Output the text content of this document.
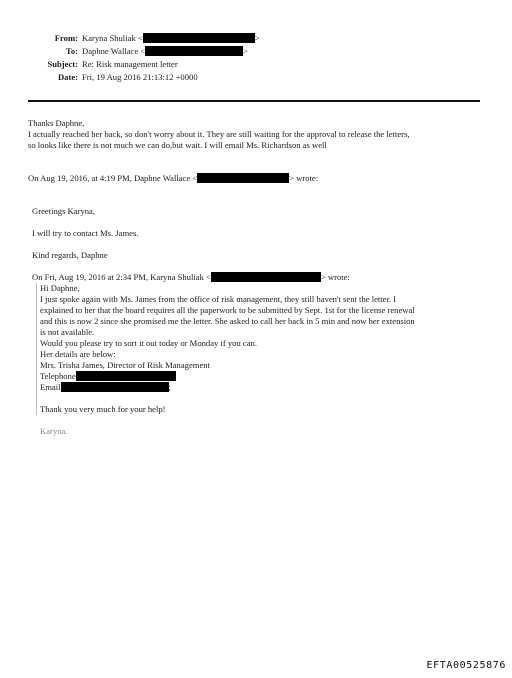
From: Karyna Shuliak <	>
To: Daphne Wallace <	>
Subject: Re: Risk management letter
Date: Fri, 19 Aug 2016 21:13:12 +0000
Thanks Daphne,
I actually reached her back, so don't worry about it. They are still waiting for the approval to release the letters,
so looks like there is not much we can do,but wait. I will email Ms. Richardson as well
On Aug 19, 2016, at 4:19 PM, Daphne Wallace <	> wrote:
Greetings Karyna,
I will try to contact Ms. James.
Kind regards, Daphne
On Fri, Aug 19, 2016 at 2:34 PM, Karyna Shuliak <	> wrote:
Hi Daphne,
I just spoke again with Ms. James from the office of risk management, they still haven't sent the letter. I
explained to her that the board requires all the paperwork to be submitted by Sept. 1st for the license renewal
and this is now 2 since she promised me the letter. She asked to call her back in 5 min and now her extension
is not available.
Would you please try to sort it out today or Monday if you can.
Her details are below:
Mrs. Trisha James, Director of Risk Management
Telephone
Email	;
Thank you very much for your help!
Karyna.
EFTA00525876
